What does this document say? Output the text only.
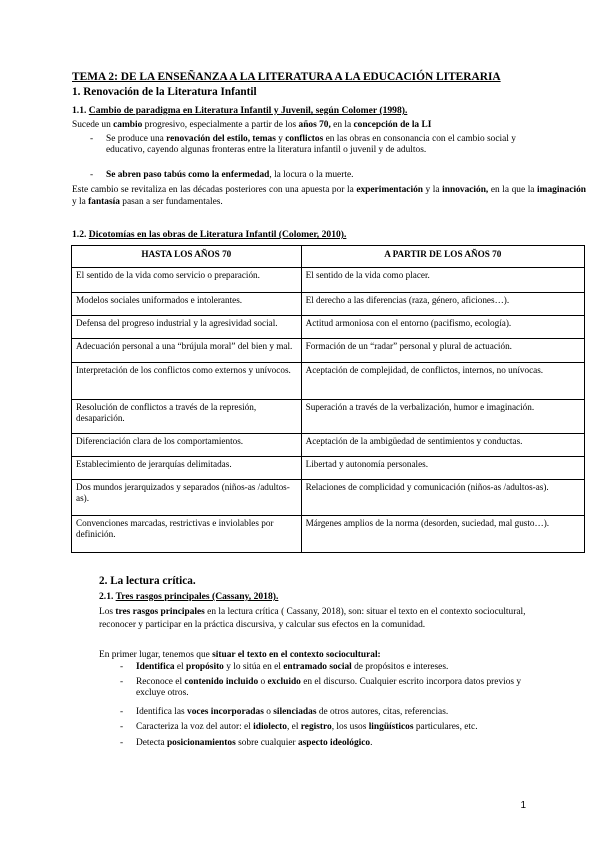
TEMA 2: DE LA ENSEÑANZA A LA LITERATURA A LA EDUCACIÓN LITERARIA
1. Renovación de la Literatura Infantil
1.1. Cambio de paradigma en Literatura Infantil y Juvenil, según Colomer (1998).
Sucede un cambio progresivo, especialmente a partir de los años 70, en la concepción de la LI
- Se produce una renovación del estilo, temas y conflictos en las obras en consonancia con el cambio social y educativo, cayendo algunas fronteras entre la literatura infantil o juvenil y de adultos.
- Se abren paso tabús como la enfermedad, la locura o la muerte.
Este cambio se revitaliza en las décadas posteriores con una apuesta por la experimentación y la innovación, en la que la imaginación y la fantasía pasan a ser fundamentales.
1.2. Dicotomías en las obras de Literatura Infantil (Colomer, 2010).
HASTA LOS AÑOS 70	A PARTIR DE LOS AÑOS 70
El sentido de la vida como servicio o preparación.	El sentido de la vida como placer.
Modelos sociales uniformados e intolerantes.	El derecho a las diferencias (raza, género, aficiones…).
Defensa del progreso industrial y la agresividad social.	Actitud armoniosa con el entorno (pacifismo, ecología).
Adecuación personal a una “brújula moral” del bien y mal.	Formación de un “radar” personal y plural de actuación.
Interpretación de los conflictos como externos y unívocos.	Aceptación de complejidad, de conflictos, internos, no unívocas.
Resolución de conflictos a través de la represión, desaparición.	Superación a través de la verbalización, humor e imaginación.
Diferenciación clara de los comportamientos.	Aceptación de la ambigüedad de sentimientos y conductas.
Establecimiento de jerarquías delimitadas.	Libertad y autonomía personales.
Dos mundos jerarquizados y separados (niños-as /adultos-as).	Relaciones de complicidad y comunicación (niños-as /adultos-as).
Convenciones marcadas, restrictivas e inviolables por definición.	Márgenes amplios de la norma (desorden, suciedad, mal gusto…).
2. La lectura crítica.
2.1. Tres rasgos principales (Cassany, 2018).
Los tres rasgos principales en la lectura crítica ( Cassany, 2018), son: situar el texto en el contexto sociocultural, reconocer y participar en la práctica discursiva, y calcular sus efectos en la comunidad.
En primer lugar, tenemos que situar el texto en el contexto sociocultural:
- Identifica el propósito y lo sitúa en el entramado social de propósitos e intereses.
- Reconoce el contenido incluido o excluido en el discurso. Cualquier escrito incorpora datos previos y excluye otros.
- Identifica las voces incorporadas o silenciadas de otros autores, citas, referencias.
- Caracteriza la voz del autor: el idiolecto, el registro, los usos lingüísticos particulares, etc.
- Detecta posicionamientos sobre cualquier aspecto ideológico.
1
